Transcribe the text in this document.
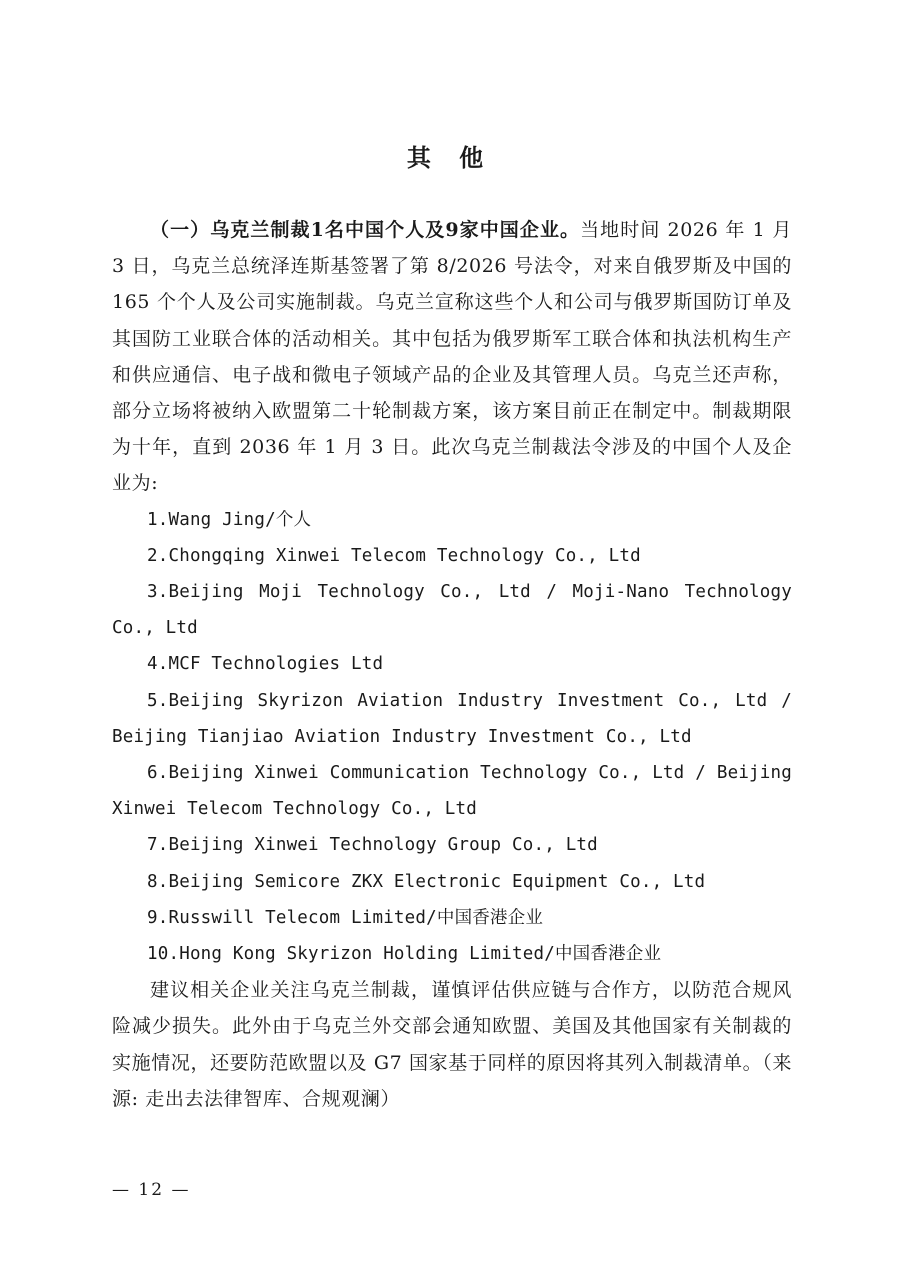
其 他

（一）乌克兰制裁1名中国个人及9家中国企业。当地时间 2026 年 1 月 3 日，乌克兰总统泽连斯基签署了第 8/2026 号法令，对来自俄罗斯及中国的 165 个个人及公司实施制裁。乌克兰宣称这些个人和公司与俄罗斯国防订单及其国防工业联合体的活动相关。其中包括为俄罗斯军工联合体和执法机构生产和供应通信、电子战和微电子领域产品的企业及其管理人员。乌克兰还声称，部分立场将被纳入欧盟第二十轮制裁方案，该方案目前正在制定中。制裁期限为十年，直到 2036 年 1 月 3 日。此次乌克兰制裁法令涉及的中国个人及企业为:

1.Wang Jing/个人
2.Chongqing Xinwei Telecom Technology Co., Ltd
3.Beijing Moji Technology Co., Ltd / Moji-Nano Technology Co., Ltd
4.MCF Technologies Ltd
5.Beijing Skyrizon Aviation Industry Investment Co., Ltd / Beijing Tianjiao Aviation Industry Investment Co., Ltd
6.Beijing Xinwei Communication Technology Co., Ltd / Beijing Xinwei Telecom Technology Co., Ltd
7.Beijing Xinwei Technology Group Co., Ltd
8.Beijing Semicore ZKX Electronic Equipment Co., Ltd
9.Russwill Telecom Limited/中国香港企业
10.Hong Kong Skyrizon Holding Limited/中国香港企业

建议相关企业关注乌克兰制裁，谨慎评估供应链与合作方，以防范合规风险减少损失。此外由于乌克兰外交部会通知欧盟、美国及其他国家有关制裁的实施情况，还要防范欧盟以及 G7 国家基于同样的原因将其列入制裁清单。（来源: 走出去法律智库、合规观澜）

— 12 —
